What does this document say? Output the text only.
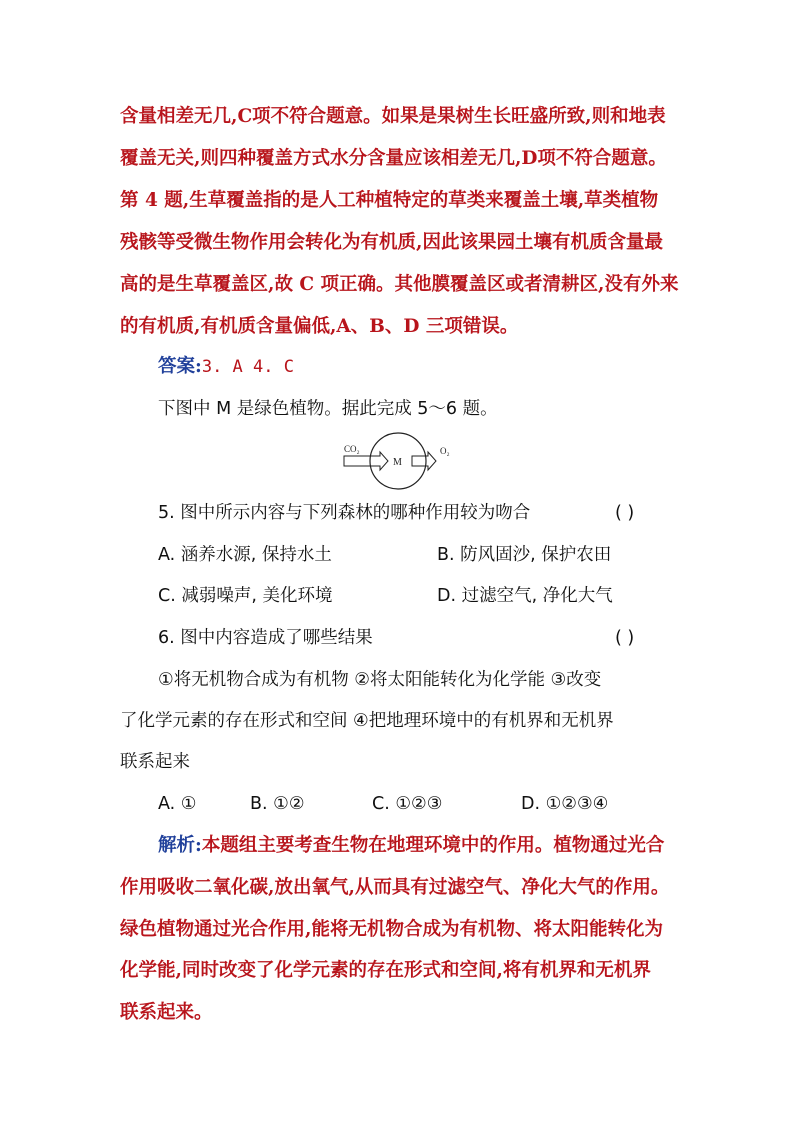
含量相差无几,C项不符合题意。如果是果树生长旺盛所致,则和地表
覆盖无关,则四种覆盖方式水分含量应该相差无几,D项不符合题意。
第 4 题,生草覆盖指的是人工种植特定的草类来覆盖土壤,草类植物
残骸等受微生物作用会转化为有机质,因此该果园土壤有机质含量最
高的是生草覆盖区,故 C 项正确。其他膜覆盖区或者清耕区,没有外来
的有机质,有机质含量偏低,A、B、D 三项错误。
答案:3. A 4. C
下图中 M 是绿色植物。据此完成 5～6 题。
CO₂
M
O₂
5. 图中所示内容与下列森林的哪种作用较为吻合	( )
A. 涵养水源, 保持水土	B. 防风固沙, 保护农田
C. 减弱噪声, 美化环境	D. 过滤空气, 净化大气
6. 图中内容造成了哪些结果	( )
①将无机物合成为有机物 ②将太阳能转化为化学能 ③改变
了化学元素的存在形式和空间 ④把地理环境中的有机界和无机界
联系起来
A. ①	B. ①②	C. ①②③	D. ①②③④
解析:本题组主要考查生物在地理环境中的作用。植物通过光合
作用吸收二氧化碳,放出氧气,从而具有过滤空气、净化大气的作用。
绿色植物通过光合作用,能将无机物合成为有机物、将太阳能转化为
化学能,同时改变了化学元素的存在形式和空间,将有机界和无机界
联系起来。
